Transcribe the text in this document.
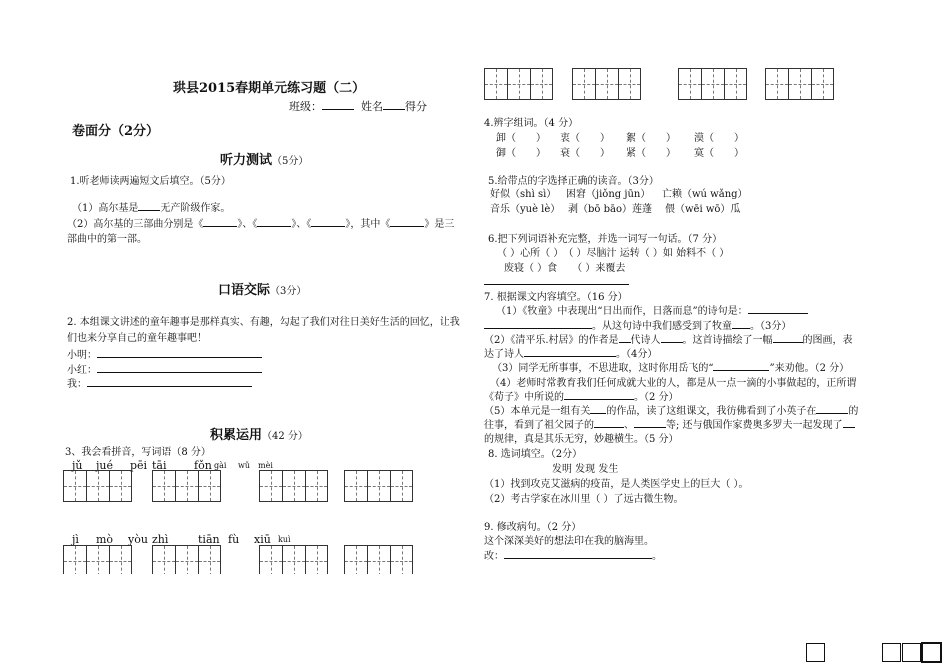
珙县2015春期单元练习题（二）
班级：	姓名 得分
卷面分（2分）
听力测试（5分）
1.听老师读两遍短文后填空。（5分）
（1）高尔基是 无产阶级作家。
（2）高尔基的三部曲分别是《	》、《	》、《	》，其中《	》是三
部曲中的第一部。
口语交际（3分）
2. 本组课文讲述的童年趣事是那样真实、有趣，勾起了我们对往日美好生活的回忆，让我们也来分享自己的童年趣事吧！
小明：
小红：
我：
积累运用（42 分）
3、我会看拼音，写词语（8 分）
jǔ jué pēi tāi	fǒn gài wǔ mèi
jì mò yòu zhì	tiān fù xiū kuì
4.辨字组词。（4 分）
卸（　　） 衷（　　） 絮（　　） 漠（　　）
御（　　） 衰（　　） 紧（　　） 寞（　　）
5.给带点的字选择正确的读音。（3分）
好似（shì sì） 困窘（jiǒng jūn） 亡赖（wú wǎng）
音乐（yuè lè） 剥（bō bāo）莲蓬 偎（wēi wō）瓜
6.把下列词语补充完整，并选一词写一句话。（7 分）
（ ）心所（ ）　（ ）尽脑汁 运转（ ）如 始料不（ ）
废寝（ ）食　　（ ）来覆去
7. 根据课文内容填空。（16 分）
（1）《牧童》中表现出“日出而作，日落而息”的诗句是：
。从这句诗中我们感受到了牧童 。（3分）
（2）《清平乐.村居》的作者是 代诗人 。这首诗描绘了一幅	的图画，表
达了诗人	。（4分）
（3）同学无所事事，不思进取，这时你用岳飞的“	”来劝他。（2 分）
（4）老师时常教育我们任何成就大业的人，都是从一点一滴的小事做起的，正所谓
《荀子》中所说的	。（2 分）
（5）本单元是一组有关 的作品，读了这组课文，我彷佛看到了小英子在	的
往事，看到了祖父园子的	、	等; 还与俄国作家费奥多罗夫一起发现了
的规律，真是其乐无穷，妙趣横生。（5 分）
8. 选词填空。（2分）
发明 发现 发生
（1）找到攻克艾滋病的疫苗，是人类医学史上的巨大（ ）。
（2）考古学家在冰川里（ ）了远古微生物。
9. 修改病句。（2 分）
这个深深美好的想法印在我的脑海里。
改：	。
